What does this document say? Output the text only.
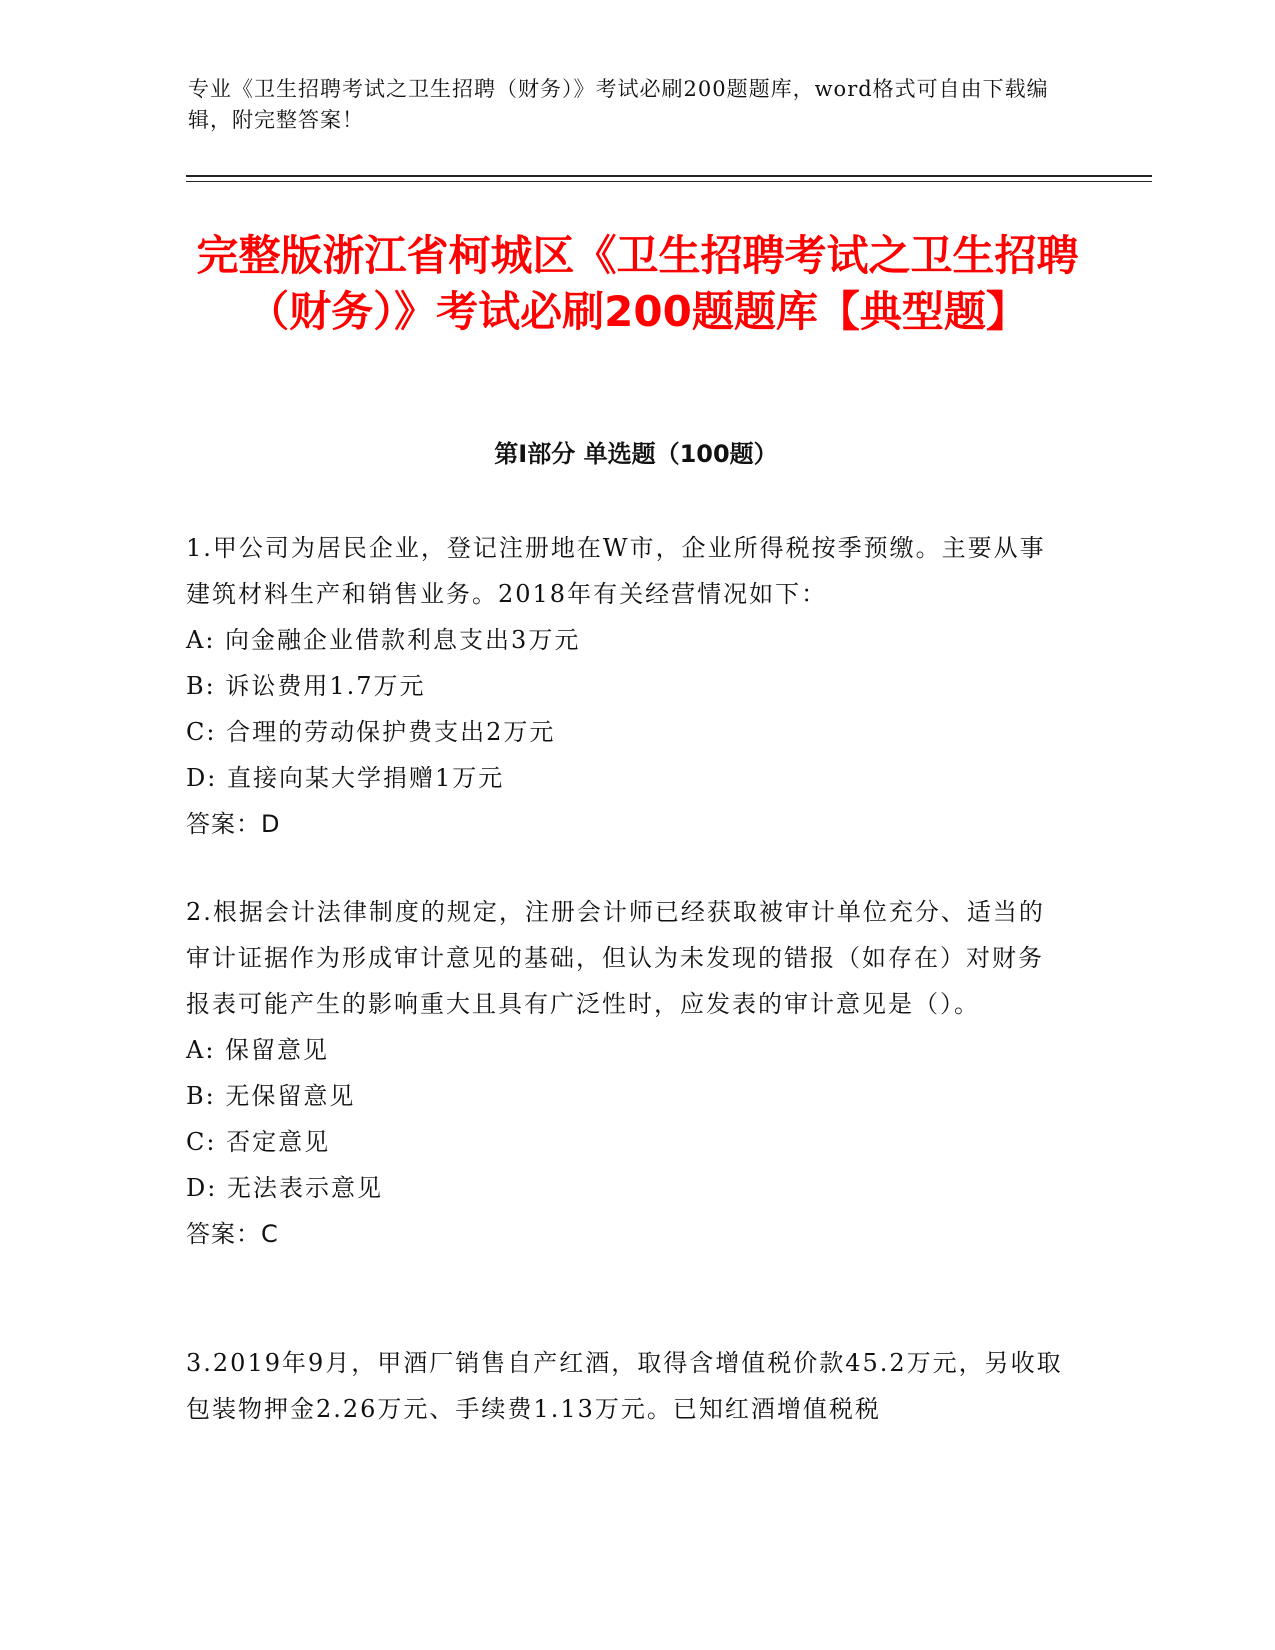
专业《卫生招聘考试之卫生招聘（财务）》考试必刷200题题库，word格式可自由下载编辑，附完整答案！
完整版浙江省柯城区《卫生招聘考试之卫生招聘（财务）》考试必刷200题题库【典型题】
第Ⅰ部分 单选题（100题）

1.甲公司为居民企业，登记注册地在W市，企业所得税按季预缴。主要从事建筑材料生产和销售业务。2018年有关经营情况如下：

A: 向金融企业借款利息支出3万元

B: 诉讼费用1.7万元

C: 合理的劳动保护费支出2万元

D: 直接向某大学捐赠1万元

答案：D

2.根据会计法律制度的规定，注册会计师已经获取被审计单位充分、适当的审计证据作为形成审计意见的基础，但认为未发现的错报（如存在）对财务报表可能产生的影响重大且具有广泛性时，应发表的审计意见是（）。

A: 保留意见

B: 无保留意见

C: 否定意见

D: 无法表示意见

答案：C

3.2019年9月，甲酒厂销售自产红酒，取得含增值税价款45.2万元，另收取包装物押金2.26万元、手续费1.13万元。已知红酒增值税税
